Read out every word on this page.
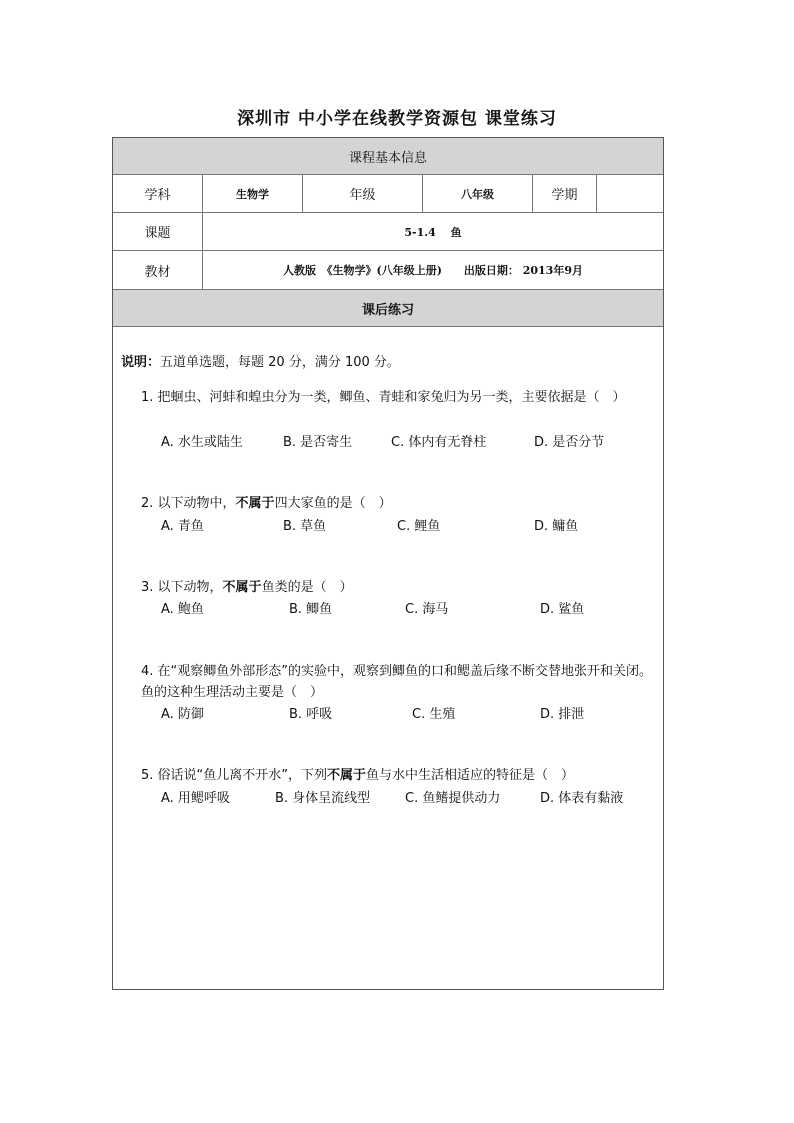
深圳市 中小学在线教学资源包 课堂练习
课程基本信息
学科	生物学	年级	八年级	学期
课题	5-1.4　 鱼
教材	人教版　《生物学》(八年级上册)　　出版日期： 2013年9月
课后练习
说明：五道单选题，每题 20 分，满分 100 分。
1. 把蛔虫、河蚌和蝗虫分为一类，鲫鱼、青蛙和家兔归为另一类，主要依据是（　）
A. 水生或陆生	B. 是否寄生	C. 体内有无脊柱	D. 是否分节
2. 以下动物中，不属于四大家鱼的是（　）
A. 青鱼	B. 草鱼	C. 鲤鱼	D. 鳙鱼
3. 以下动物，不属于鱼类的是（　）
A. 鲍鱼	B. 鲫鱼	C. 海马	D. 鲨鱼
4. 在“观察鲫鱼外部形态”的实验中，观察到鲫鱼的口和鳃盖后缘不断交替地张开和关闭。鱼的这种生理活动主要是（　）
A. 防御	B. 呼吸	C. 生殖	D. 排泄
5. 俗话说“鱼儿离不开水”，下列不属于鱼与水中生活相适应的特征是（　）
A. 用鳃呼吸	B. 身体呈流线型	C. 鱼鳍提供动力	D. 体表有黏液
